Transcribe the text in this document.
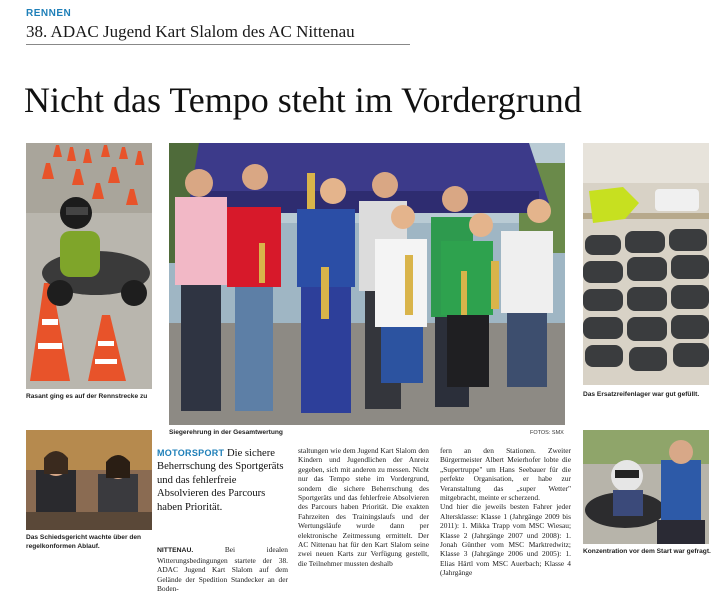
RENNEN
38. ADAC Jugend Kart Slalom des AC Nittenau
Nicht das Tempo steht im Vordergrund
Rasant ging es auf der Rennstrecke zu
Siegerehrung in der Gesamtwertung	FOTOS: SMX
Das Ersatzreifenlager war gut gefüllt.
Das Schiedsgericht wachte über den regelkonformen Ablauf.
Konzentration vor dem Start war gefragt.
MOTORSPORT Die sichere Beherrschung des Sportgeräts und das fehlerfreie Absolvieren des Parcours haben Priorität.

NITTENAU. Bei idealen Witterungsbedingungen startete der 38. ADAC Jugend Kart Slalom auf dem Gelände der Spedition Standecker an der Boden-

staltungen wie dem Jugend Kart Slalom den Kindern und Jugendlichen der Anreiz gegeben, sich mit anderen zu messen. Nicht nur das Tempo stehe im Vordergrund, sondern die sichere Beherrschung des Sportgeräts und das fehlerfreie Absolvieren des Parcours haben Priorität. Die exakten Fahrzeiten des Trainingslaufs und der Wertungsläufe wurde dann per elektronische Zeitmessung ermittelt. Der AC Nittenau hat für den Kart Slalom seine zwei neuen Karts zur Verfügung gestellt, die Teilnehmer mussten deshalb
fern an den Stationen. Zweiter Bürgermeister Albert Meierhofer lobte die „Supertruppe" um Hans Seebauer für die perfekte Organisation, er habe zur Veranstaltung das „super Wetter" mitgebracht, meinte er scherzend.
Und hier die jeweils besten Fahrer jeder Altersklasse: Klasse 1 (Jahrgänge 2009 bis 2011): 1. Mikka Trapp vom MSC Wiesau; Klasse 2 (Jahrgänge 2007 und 2008): 1. Jonah Günther vom MSC Marktredwitz; Klasse 3 (Jahrgänge 2006 und 2005): 1. Elias Härtl vom MSC Auerbach; Klasse 4 (Jahrgänge
